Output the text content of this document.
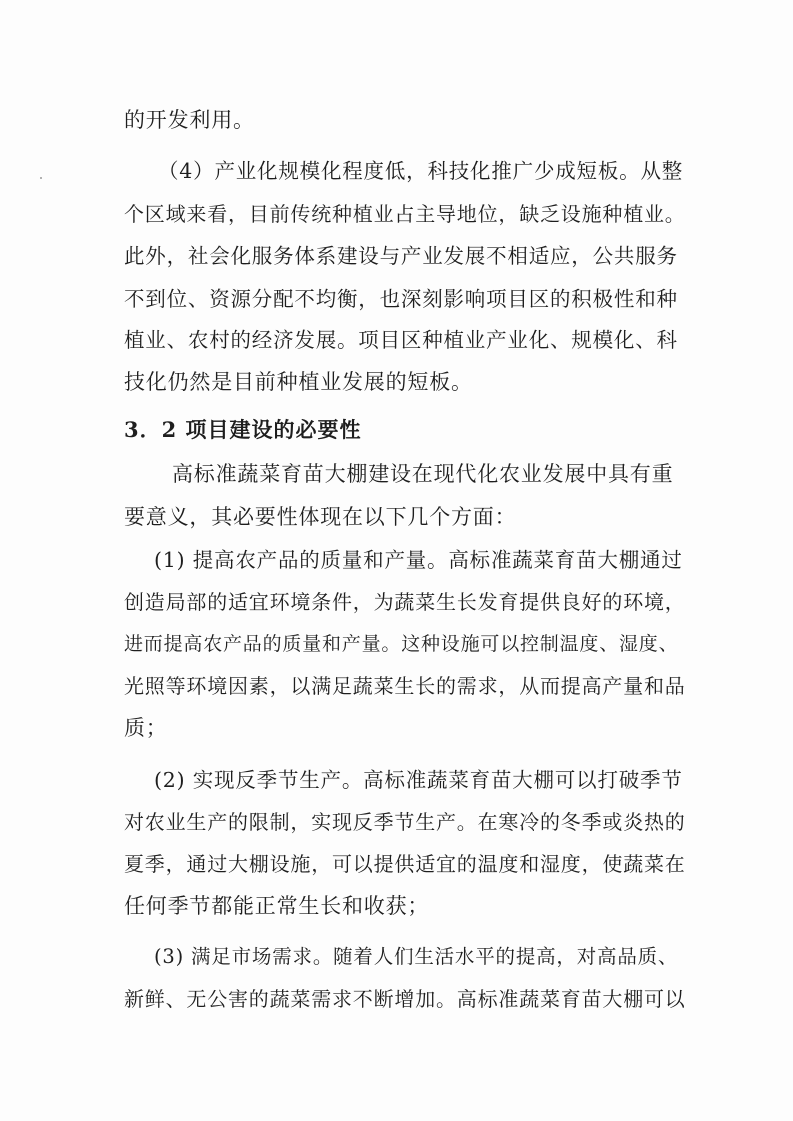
的开发利用。
（4）产业化规模化程度低，科技化推广少成短板。从整
个区域来看，目前传统种植业占主导地位，缺乏设施种植业。
此外，社会化服务体系建设与产业发展不相适应，公共服务
不到位、资源分配不均衡，也深刻影响项目区的积极性和种
植业、农村的经济发展。项目区种植业产业化、规模化、科
技化仍然是目前种植业发展的短板。
3．2 项目建设的必要性
高标准蔬菜育苗大棚建设在现代化农业发展中具有重
要意义，其必要性体现在以下几个方面：
(1) 提高农产品的质量和产量。高标准蔬菜育苗大棚通过
创造局部的适宜环境条件，为蔬菜生长发育提供良好的环境，
进而提高农产品的质量和产量。这种设施可以控制温度、湿度、
光照等环境因素，以满足蔬菜生长的需求，从而提高产量和品
质；
(2) 实现反季节生产。高标准蔬菜育苗大棚可以打破季节
对农业生产的限制，实现反季节生产。在寒冷的冬季或炎热的
夏季，通过大棚设施，可以提供适宜的温度和湿度，使蔬菜在
任何季节都能正常生长和收获；
(3) 满足市场需求。随着人们生活水平的提高，对高品质、
新鲜、无公害的蔬菜需求不断增加。高标准蔬菜育苗大棚可以
